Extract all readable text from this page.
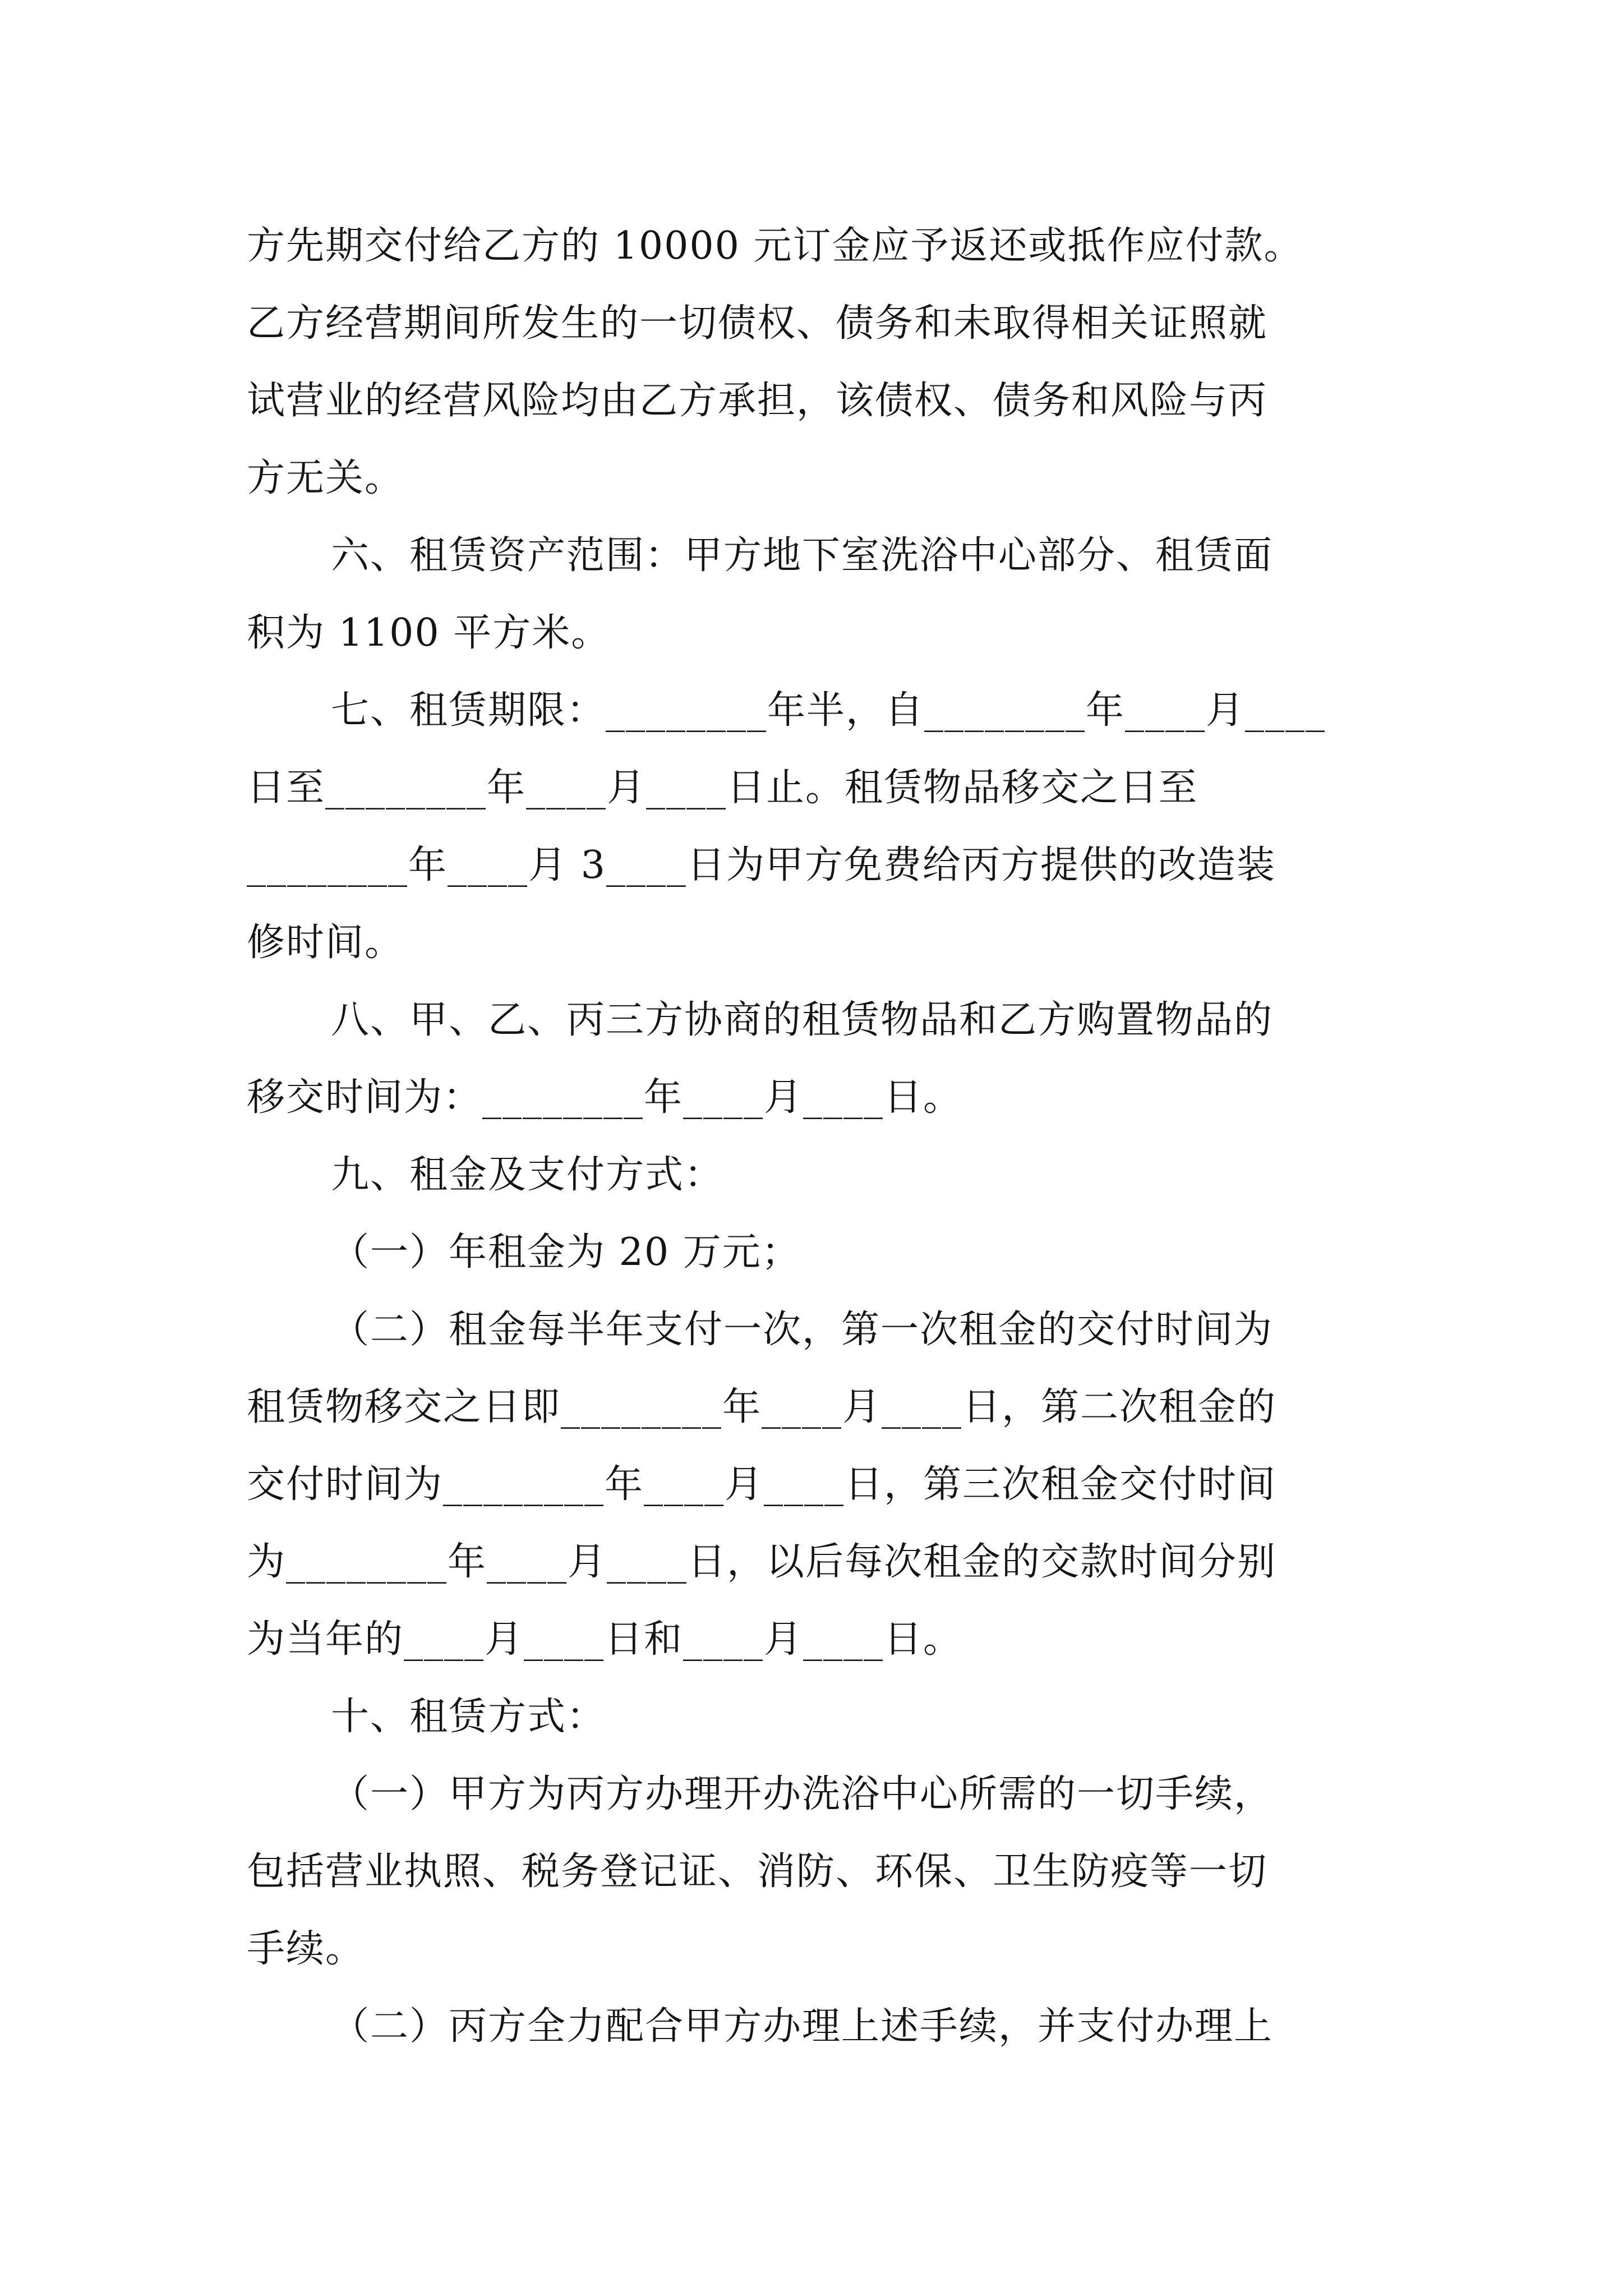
方先期交付给乙方的 10000 元订金应予返还或抵作应付款。
乙方经营期间所发生的一切债权、债务和未取得相关证照就
试营业的经营风险均由乙方承担，该债权、债务和风险与丙
方无关。
六、租赁资产范围：甲方地下室洗浴中心部分、租赁面
积为 1100 平方米。
七、租赁期限：________年半，自________年____月____
日至________年____月____日止。租赁物品移交之日至
________年____月 3____日为甲方免费给丙方提供的改造装
修时间。
八、甲、乙、丙三方协商的租赁物品和乙方购置物品的
移交时间为：________年____月____日。
九、租金及支付方式：
（一）年租金为 20 万元；
（二）租金每半年支付一次，第一次租金的交付时间为
租赁物移交之日即________年____月____日，第二次租金的
交付时间为________年____月____日，第三次租金交付时间
为________年____月____日，以后每次租金的交款时间分别
为当年的____月____日和____月____日。
十、租赁方式：
（一）甲方为丙方办理开办洗浴中心所需的一切手续，
包括营业执照、税务登记证、消防、环保、卫生防疫等一切
手续。
（二）丙方全力配合甲方办理上述手续，并支付办理上
